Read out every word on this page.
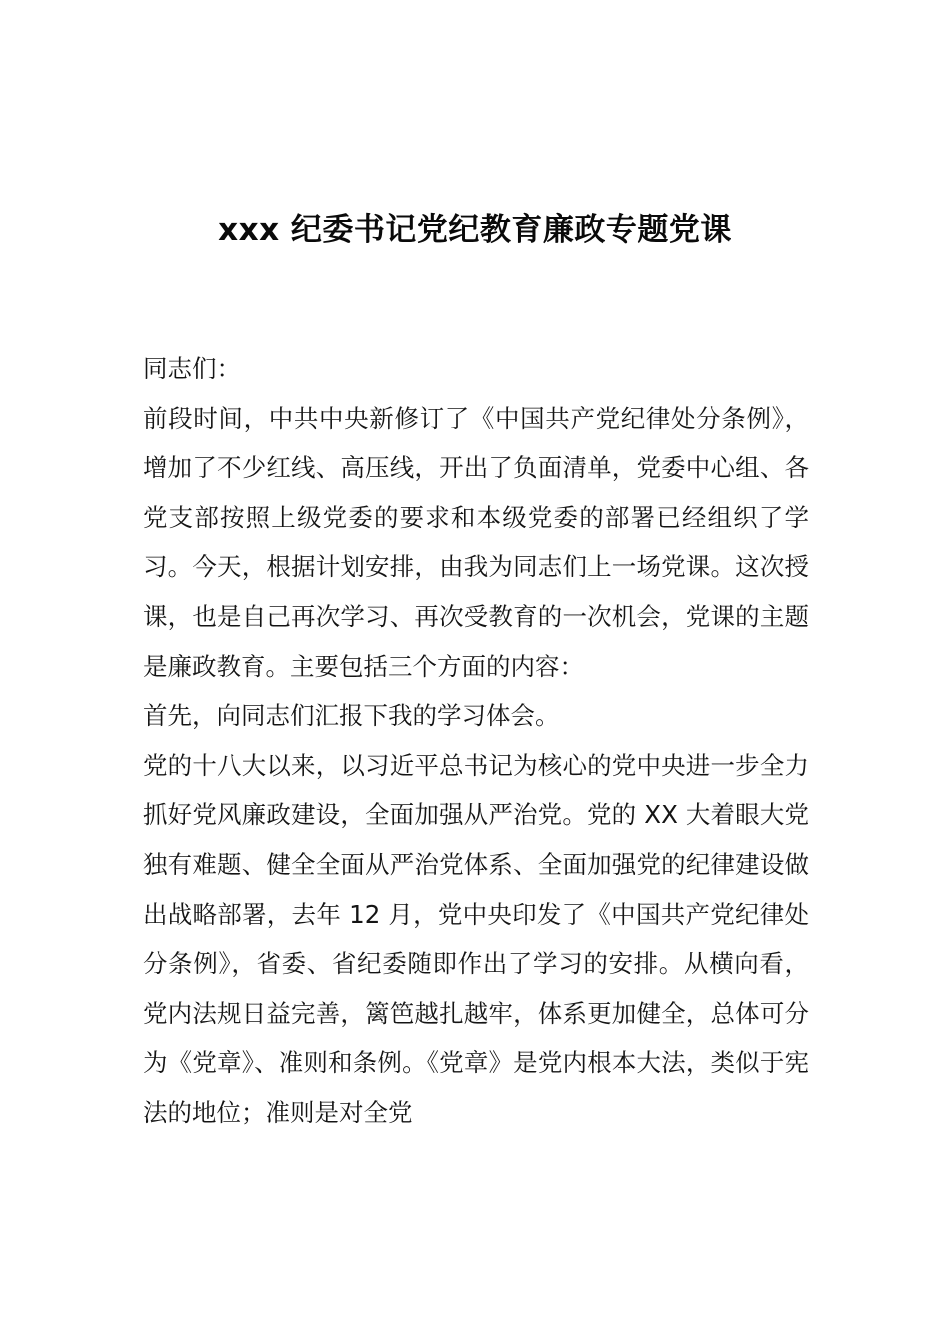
xxx 纪委书记党纪教育廉政专题党课

同志们：

前段时间，中共中央新修订了《中国共产党纪律处分条例》，增加了不少红线、高压线，开出了负面清单，党委中心组、各党支部按照上级党委的要求和本级党委的部署已经组织了学习。今天，根据计划安排，由我为同志们上一场党课。这次授课，也是自己再次学习、再次受教育的一次机会，党课的主题是廉政教育。主要包括三个方面的内容：

首先，向同志们汇报下我的学习体会。

党的十八大以来，以习近平总书记为核心的党中央进一步全力抓好党风廉政建设，全面加强从严治党。党的 XX 大着眼大党独有难题、健全全面从严治党体系、全面加强党的纪律建设做出战略部署，去年 12 月，党中央印发了《中国共产党纪律处分条例》，省委、省纪委随即作出了学习的安排。从横向看，党内法规日益完善，篱笆越扎越牢，体系更加健全，总体可分为《党章》、准则和条例。《党章》是党内根本大法，类似于宪法的地位；准则是对全党
